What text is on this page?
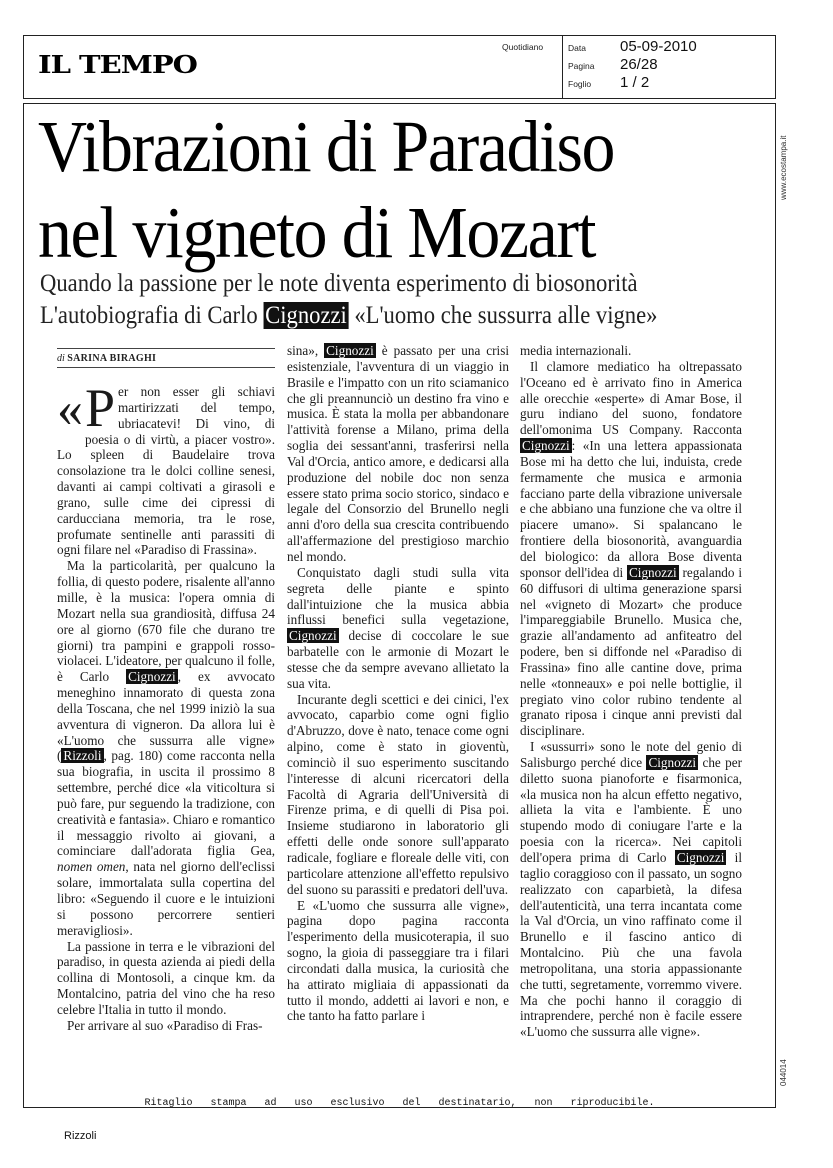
IL TEMPO
Quotidiano	Data	05-09-2010
Pagina	26/28
Foglio	1 / 2
www.ecostampa.it
044014
Vibrazioni di Paradiso
nel vigneto di Mozart
Quando la passione per le note diventa esperimento di biosonorità
L'autobiografia di Carlo Cignozzi «L'uomo che sussurra alle vigne»
di SARINA BIRAGHI

« P er non esser gli schiavi martirizzati del tempo, ubriacatevi! Di vino, di poesia o di virtù, a piacer vostro». Lo spleen di Baudelaire trova consolazione tra le dolci colline senesi, davanti ai campi coltivati a girasoli e grano, sulle cime dei cipressi di carducciana memoria, tra le rose, profumate sentinelle anti parassiti di ogni filare nel «Paradiso di Frassina».

Ma la particolarità, per qualcuno la follia, di questo podere, risalente all'anno mille, è la musica: l'opera omnia di Mozart nella sua grandiosità, diffusa 24 ore al giorno (670 file che durano tre giorni) tra pampini e grappoli rosso-violacei. L'ideatore, per qualcuno il folle, è Carlo Cignozzi , ex avvocato meneghino innamorato di questa zona della Toscana, che nel 1999 iniziò la sua avventura di vigneron. Da allora lui è «L'uomo che sussurra alle vigne» ( Rizzoli , pag. 180) come racconta nella sua biografia, in uscita il prossimo 8 settembre, perché dice «la viticoltura si può fare, pur seguendo la tradizione, con creatività e fantasia». Chiaro e romantico il messaggio rivolto ai giovani, a cominciare dall'adorata figlia Gea, nomen omen, nata nel giorno dell'eclissi solare, immortalata sulla copertina del libro: «Seguendo il cuore e le intuizioni si possono percorrere sentieri meravigliosi».

La passione in terra e le vibrazioni del paradiso, in questa azienda ai piedi della collina di Montosoli, a cinque km. da Montalcino, patria del vino che ha reso celebre l'Italia in tutto il mondo.

Per arrivare al suo «Paradiso di Fras-

sina», Cignozzi è passato per una crisi esistenziale, l'avventura di un viaggio in Brasile e l'impatto con un rito sciamanico che gli preannunciò un destino fra vino e musica. È stata la molla per abbandonare l'attività forense a Milano, prima della soglia dei sessant'anni, trasferirsi nella Val d'Orcia, antico amore, e dedicarsi alla produzione del nobile doc non senza essere stato prima socio storico, sindaco e legale del Consorzio del Brunello negli anni d'oro della sua crescita contribuendo all'affermazione del prestigioso marchio nel mondo.

Conquistato dagli studi sulla vita segreta delle piante e spinto dall'intuizione che la musica abbia influssi benefici sulla vegetazione, Cignozzi decise di coccolare le sue barbatelle con le armonie di Mozart le stesse che da sempre avevano allietato la sua vita.

Incurante degli scettici e dei cinici, l'ex avvocato, caparbio come ogni figlio d'Abruzzo, dove è nato, tenace come ogni alpino, come è stato in gioventù, cominciò il suo esperimento suscitando l'interesse di alcuni ricercatori della Facoltà di Agraria dell'Università di Firenze prima, e di quelli di Pisa poi. Insieme studiarono in laboratorio gli effetti delle onde sonore sull'apparato radicale, fogliare e floreale delle viti, con particolare attenzione all'effetto repulsivo del suono su parassiti e predatori dell'uva.

E «L'uomo che sussurra alle vigne», pagina dopo pagina racconta l'esperimento della musicoterapia, il suo sogno, la gioia di passeggiare tra i filari circondati dalla musica, la curiosità che ha attirato migliaia di appassionati da tutto il mondo, addetti ai lavori e non, e che tanto ha fatto parlare i

media internazionali.

Il clamore mediatico ha oltrepassato l'Oceano ed è arrivato fino in America alle orecchie «esperte» di Amar Bose, il guru indiano del suono, fondatore dell'omonima US Company. Racconta Cignozzi : «In una lettera appassionata Bose mi ha detto che lui, induista, crede fermamente che musica e armonia facciano parte della vibrazione universale e che abbiano una funzione che va oltre il piacere umano». Si spalancano le frontiere della biosonorità, avanguardia del biologico: da allora Bose diventa sponsor dell'idea di Cignozzi regalando i 60 diffusori di ultima generazione sparsi nel «vigneto di Mozart» che produce l'impareggiabile Brunello. Musica che, grazie all'andamento ad anfiteatro del podere, ben si diffonde nel «Paradiso di Frassina» fino alle cantine dove, prima nelle «tonneaux» e poi nelle bottiglie, il pregiato vino color rubino tendente al granato riposa i cinque anni previsti dal disciplinare.

I «sussurri» sono le note del genio di Salisburgo perché dice Cignozzi che per diletto suona pianoforte e fisarmonica, «la musica non ha alcun effetto negativo, allieta la vita e l'ambiente. È uno stupendo modo di coniugare l'arte e la poesia con la ricerca». Nei capitoli dell'opera prima di Carlo Cignozzi il taglio coraggioso con il passato, un sogno realizzato con caparbietà, la difesa dell'autenticità, una terra incantata come la Val d'Orcia, un vino raffinato come il Brunello e il fascino antico di Montalcino. Più che una favola metropolitana, una storia appassionante che tutti, segretamente, vorremmo vivere. Ma che pochi hanno il coraggio di intraprendere, perché non è facile essere «L'uomo che sussurra alle vigne».

Ritaglio stampa ad uso esclusivo del destinatario, non riproducibile.
Rizzoli
